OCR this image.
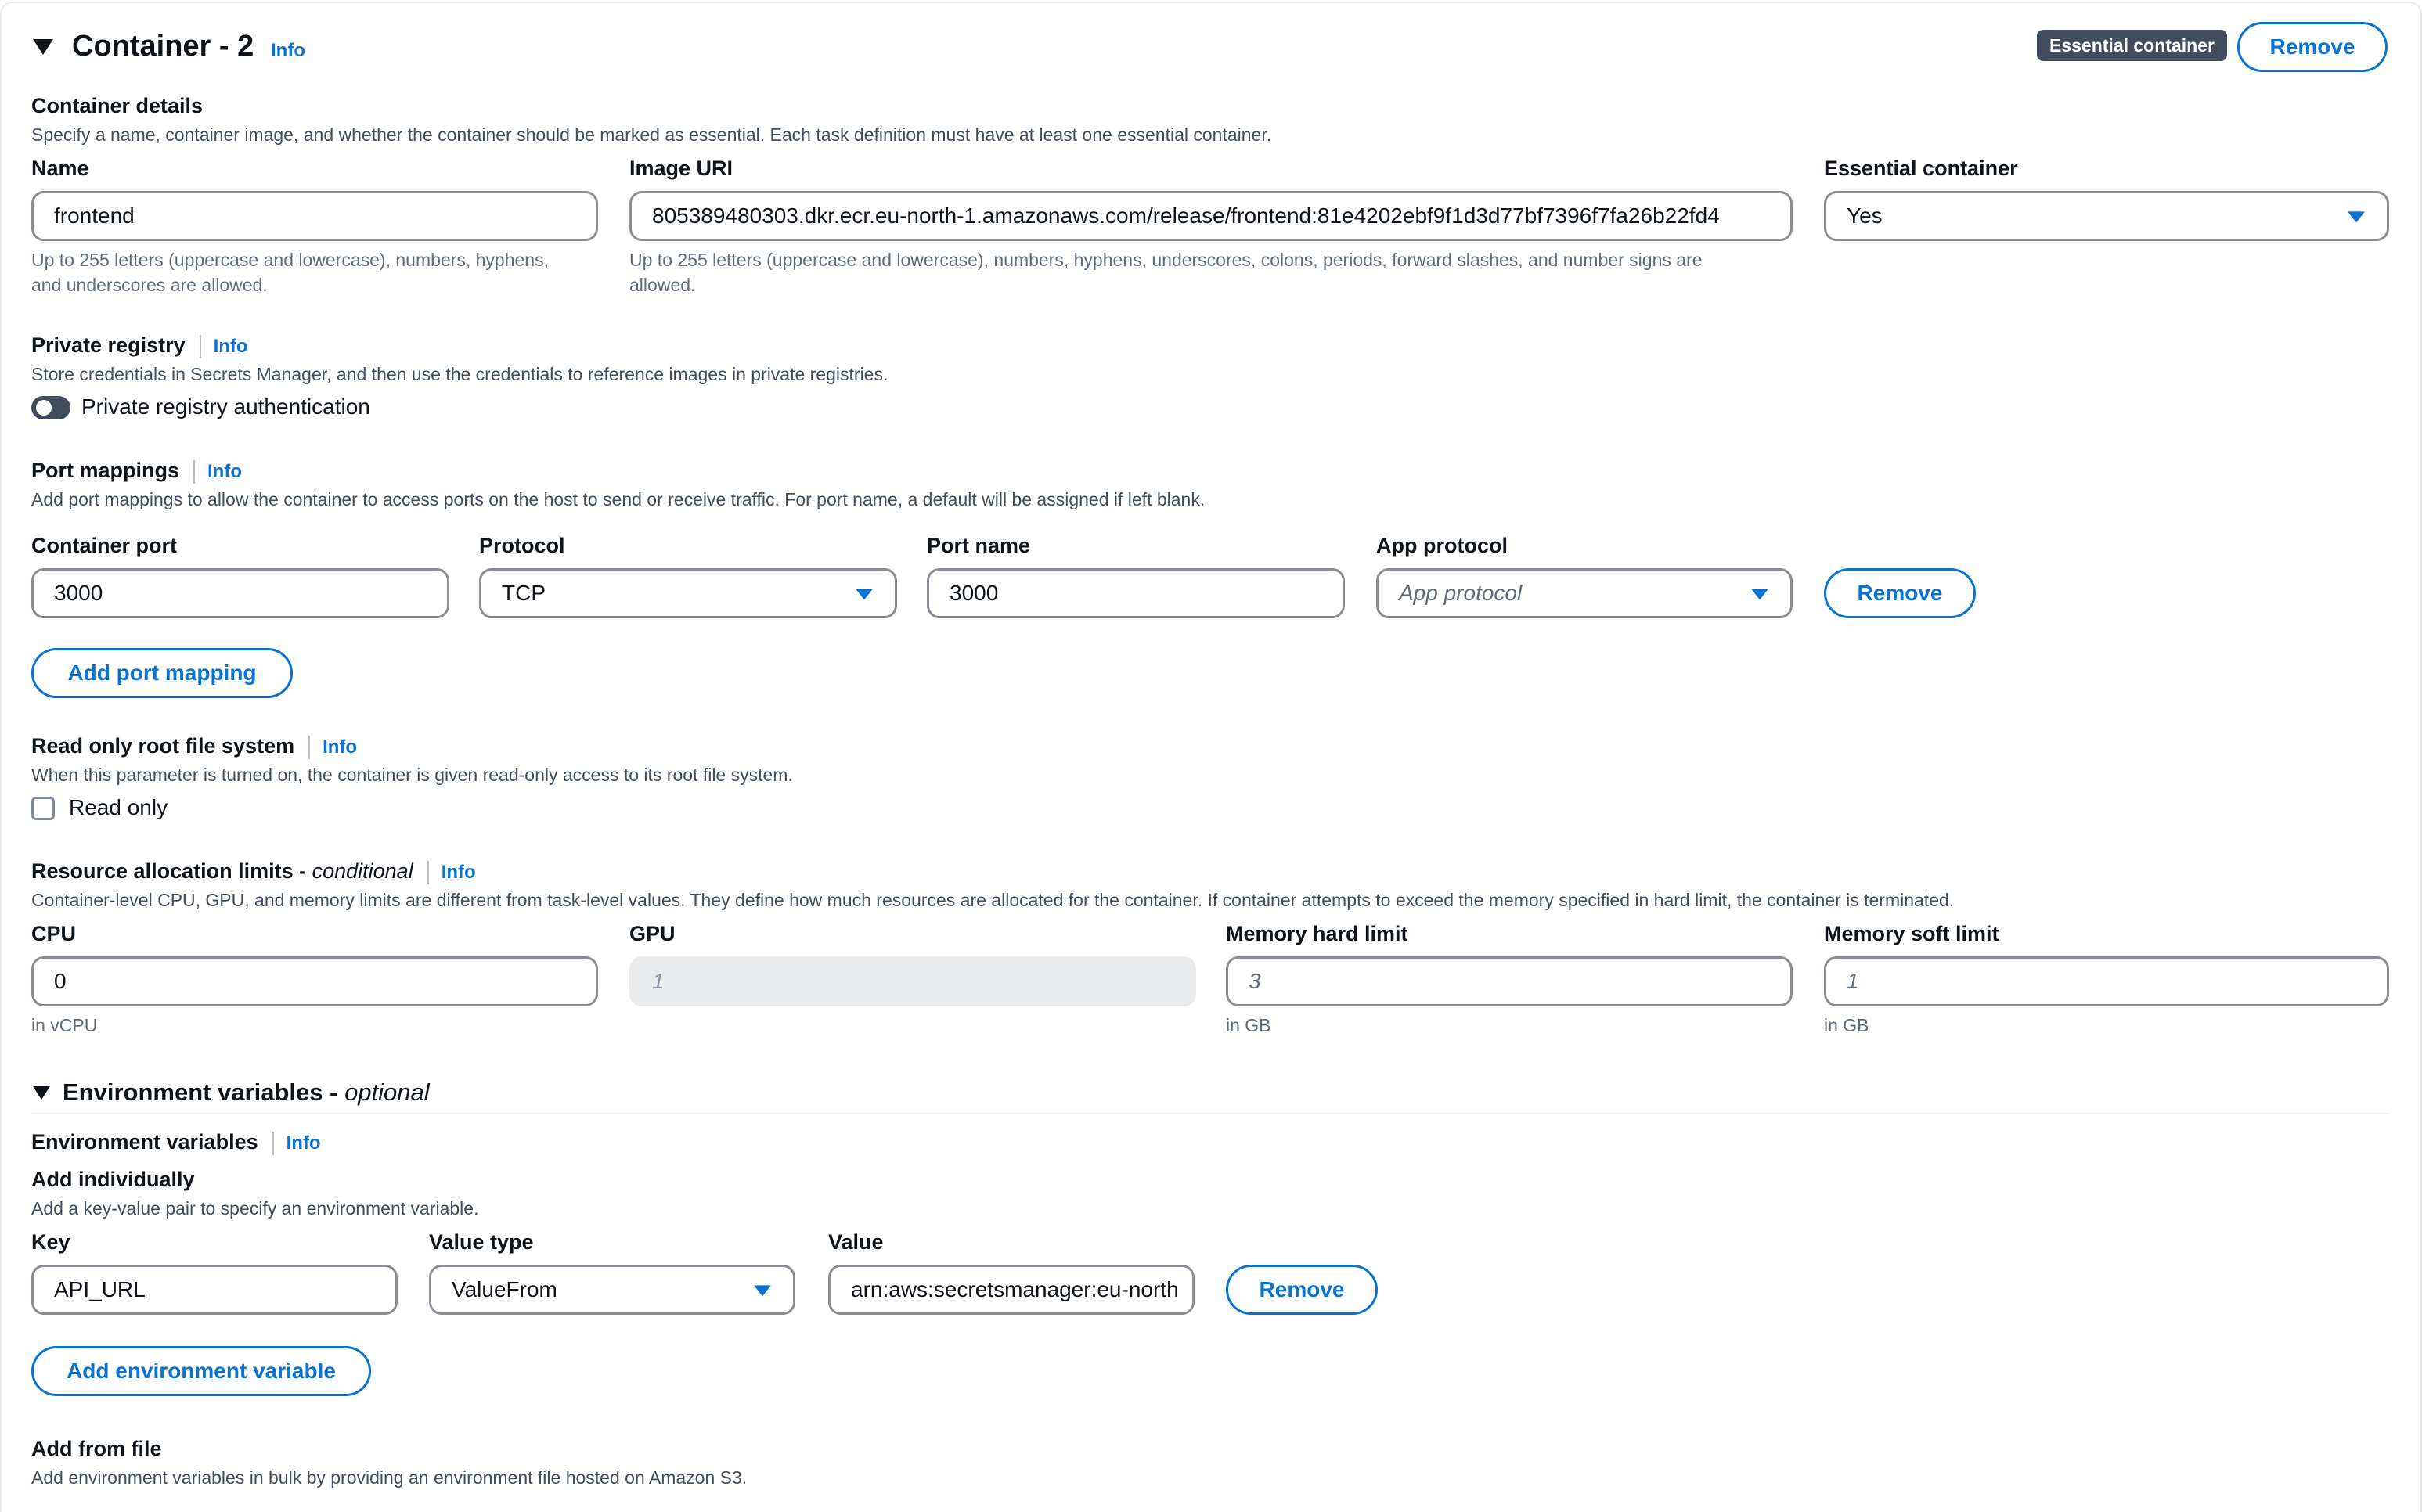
Container - 2 Info	Essential container	Remove
Container details
Specify a name, container image, and whether the container should be marked as essential. Each task definition must have at least one essential container.
Name
frontend
Up to 255 letters (uppercase and lowercase), numbers, hyphens,
and underscores are allowed.
Image URI
805389480303.dkr.ecr.eu-north-1.amazonaws.com/release/frontend:81e4202ebf9f1d3d77bf7396f7fa26b22fd4
Up to 255 letters (uppercase and lowercase), numbers, hyphens, underscores, colons, periods, forward slashes, and number signs are
allowed.
Essential container
Yes
Private registry Info
Store credentials in Secrets Manager, and then use the credentials to reference images in private registries.
Private registry authentication
Port mappings Info
Add port mappings to allow the container to access ports on the host to send or receive traffic. For port name, a default will be assigned if left blank.
Container port
3000
Protocol
TCP
Port name
3000
App protocol
App protocol	Remove
Add port mapping
Read only root file system Info
When this parameter is turned on, the container is given read-only access to its root file system.
Read only
Resource allocation limits - conditional Info
Container-level CPU, GPU, and memory limits are different from task-level values. They define how much resources are allocated for the container. If container attempts to exceed the memory specified in hard limit, the container is terminated.
CPU
0
in vCPU
GPU
1
Memory hard limit
3
in GB
Memory soft limit
1
in GB
Environment variables - optional
Environment variables Info
Add individually
Add a key-value pair to specify an environment variable.
Key
API_URL
Value type
ValueFrom
Value
arn:aws:secretsmanager:eu-north	Remove
Add environment variable
Add from file
Add environment variables in bulk by providing an environment file hosted on Amazon S3.
